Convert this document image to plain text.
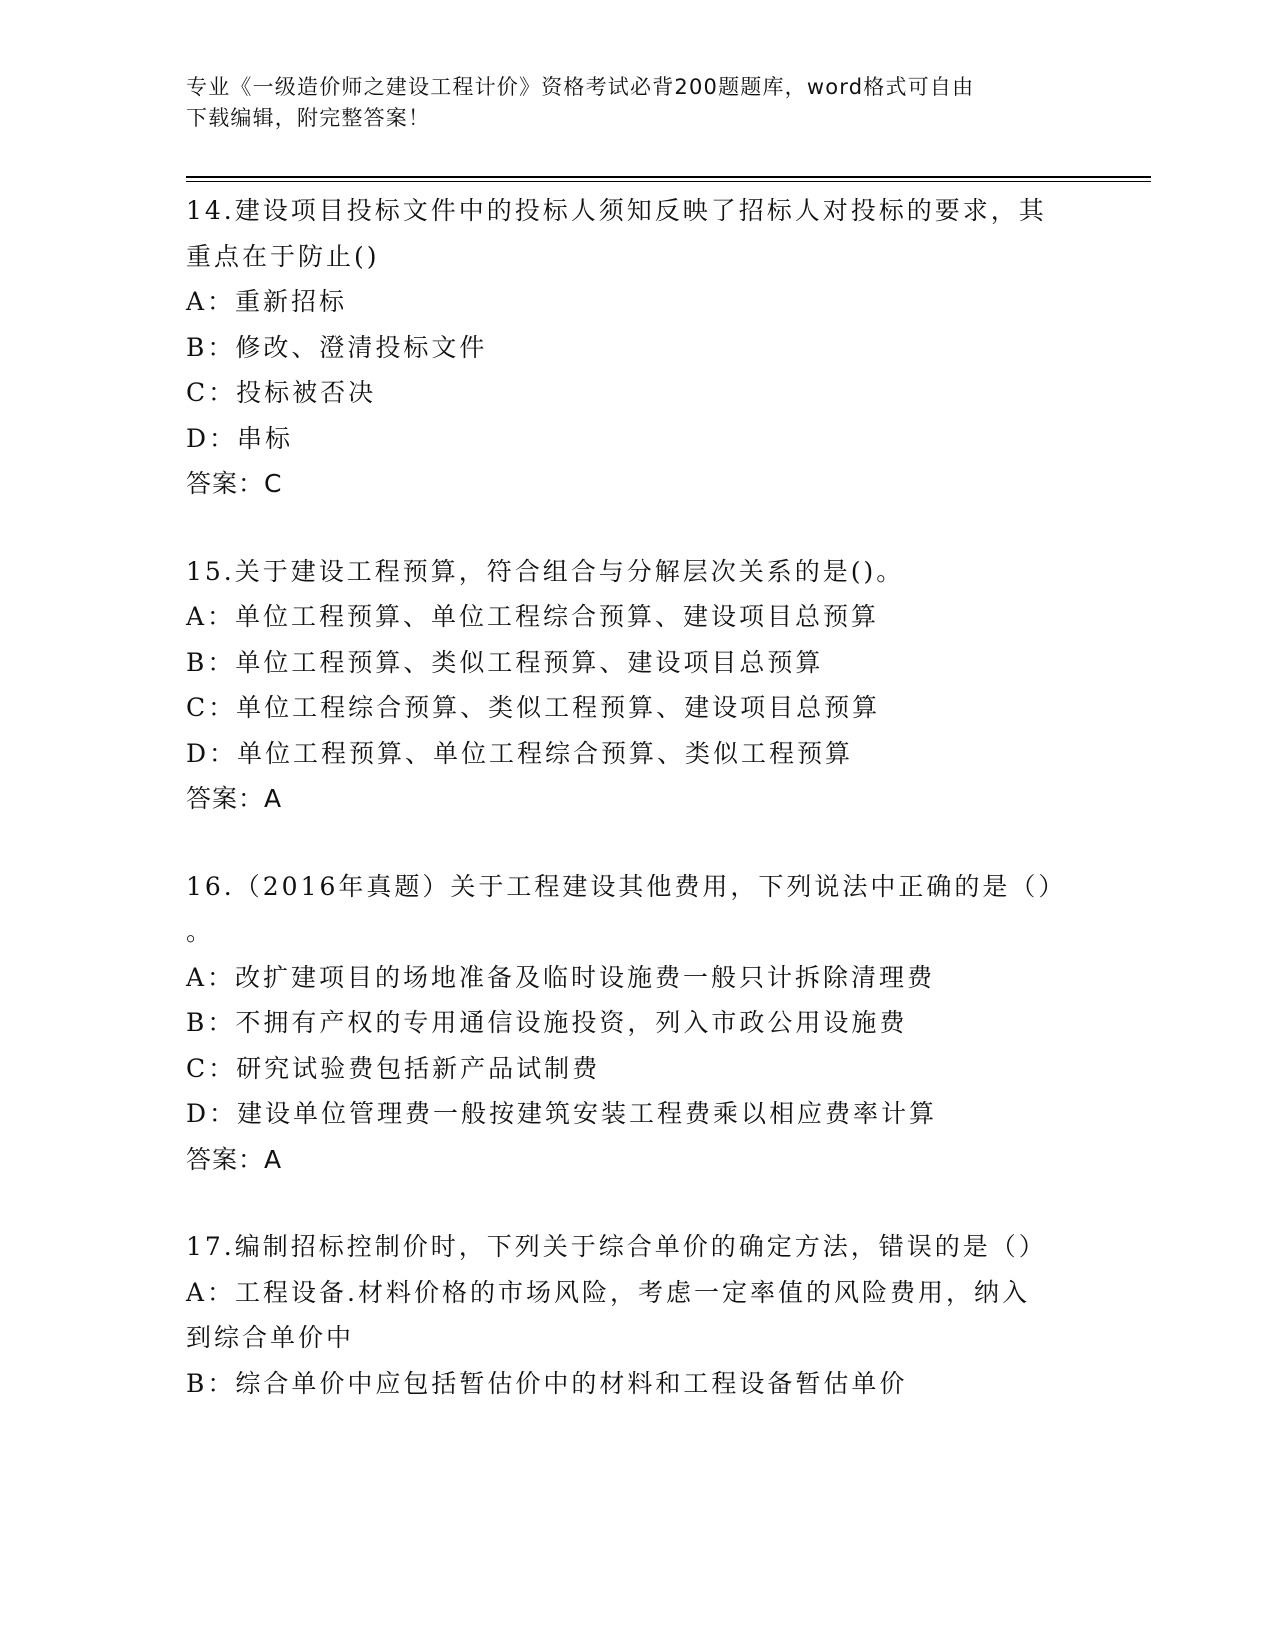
专业《一级造价师之建设工程计价》资格考试必背200题题库，word格式可自由
下载编辑，附完整答案！
14.建设项目投标文件中的投标人须知反映了招标人对投标的要求，其
重点在于防止()
A：重新招标
B：修改、澄清投标文件
C：投标被否决
D：串标
答案：C
15.关于建设工程预算，符合组合与分解层次关系的是()。
A：单位工程预算、单位工程综合预算、建设项目总预算
B：单位工程预算、类似工程预算、建设项目总预算
C：单位工程综合预算、类似工程预算、建设项目总预算
D：单位工程预算、单位工程综合预算、类似工程预算
答案：A
16.（2016年真题）关于工程建设其他费用，下列说法中正确的是（）
。
A：改扩建项目的场地准备及临时设施费一般只计拆除清理费
B：不拥有产权的专用通信设施投资，列入市政公用设施费
C：研究试验费包括新产品试制费
D：建设单位管理费一般按建筑安装工程费乘以相应费率计算
答案：A
17.编制招标控制价时，下列关于综合单价的确定方法，错误的是（）
A：工程设备.材料价格的市场风险，考虑一定率值的风险费用，纳入
到综合单价中
B：综合单价中应包括暂估价中的材料和工程设备暂估单价
